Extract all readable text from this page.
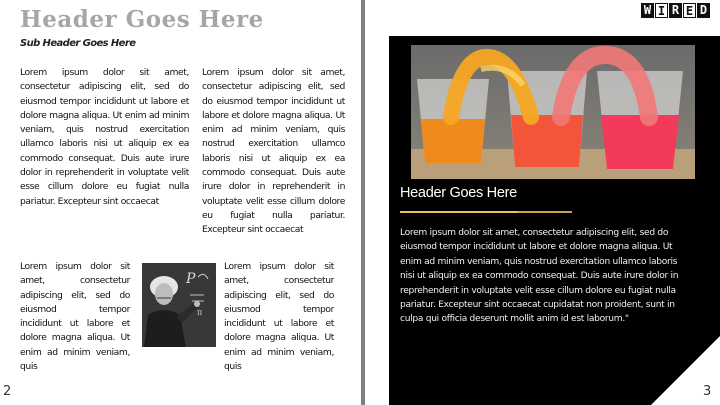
Header Goes Here
Sub Header Goes Here

Lorem ipsum dolor sit amet, consectetur adipiscing elit, sed do eiusmod tempor incididunt ut labore et dolore magna aliqua. Ut enim ad minim veniam, quis nostrud exercitation ullamco laboris nisi ut aliquip ex ea commodo consequat. Duis aute irure dolor in reprehenderit in voluptate velit esse cillum dolore eu fugiat nulla pariatur. Excepteur sint occaecat

Lorem ipsum dolor sit amet, consectetur adipiscing elit, sed do eiusmod tempor incididunt ut labore et dolore magna aliqua. Ut enim ad minim veniam, quis nostrud exercitation ullamco laboris nisi ut aliquip ex ea commodo consequat. Duis aute irure dolor in reprehenderit in voluptate velit esse cillum dolore eu fugiat nulla pariatur. Excepteur sint occaecat

Lorem ipsum dolor sit amet, consectetur adipiscing elit, sed do eiusmod tempor incididunt ut labore et dolore magna aliqua. Ut enim ad minim veniam, quis

P
π

Lorem ipsum dolor sit amet, consectetur adipiscing elit, sed do eiusmod tempor incididunt ut labore et dolore magna aliqua. Ut enim ad minim veniam, quis

2
W I R E D
Header Goes Here

Lorem ipsum dolor sit amet, consectetur adipiscing elit, sed do eiusmod tempor incididunt ut labore et dolore magna aliqua. Ut enim ad minim veniam, quis nostrud exercitation ullamco laboris nisi ut aliquip ex ea commodo consequat. Duis aute irure dolor in reprehenderit in voluptate velit esse cillum dolore eu fugiat nulla pariatur. Excepteur sint occaecat cupidatat non proident, sunt in culpa qui officia deserunt mollit anim id est laborum."

3
